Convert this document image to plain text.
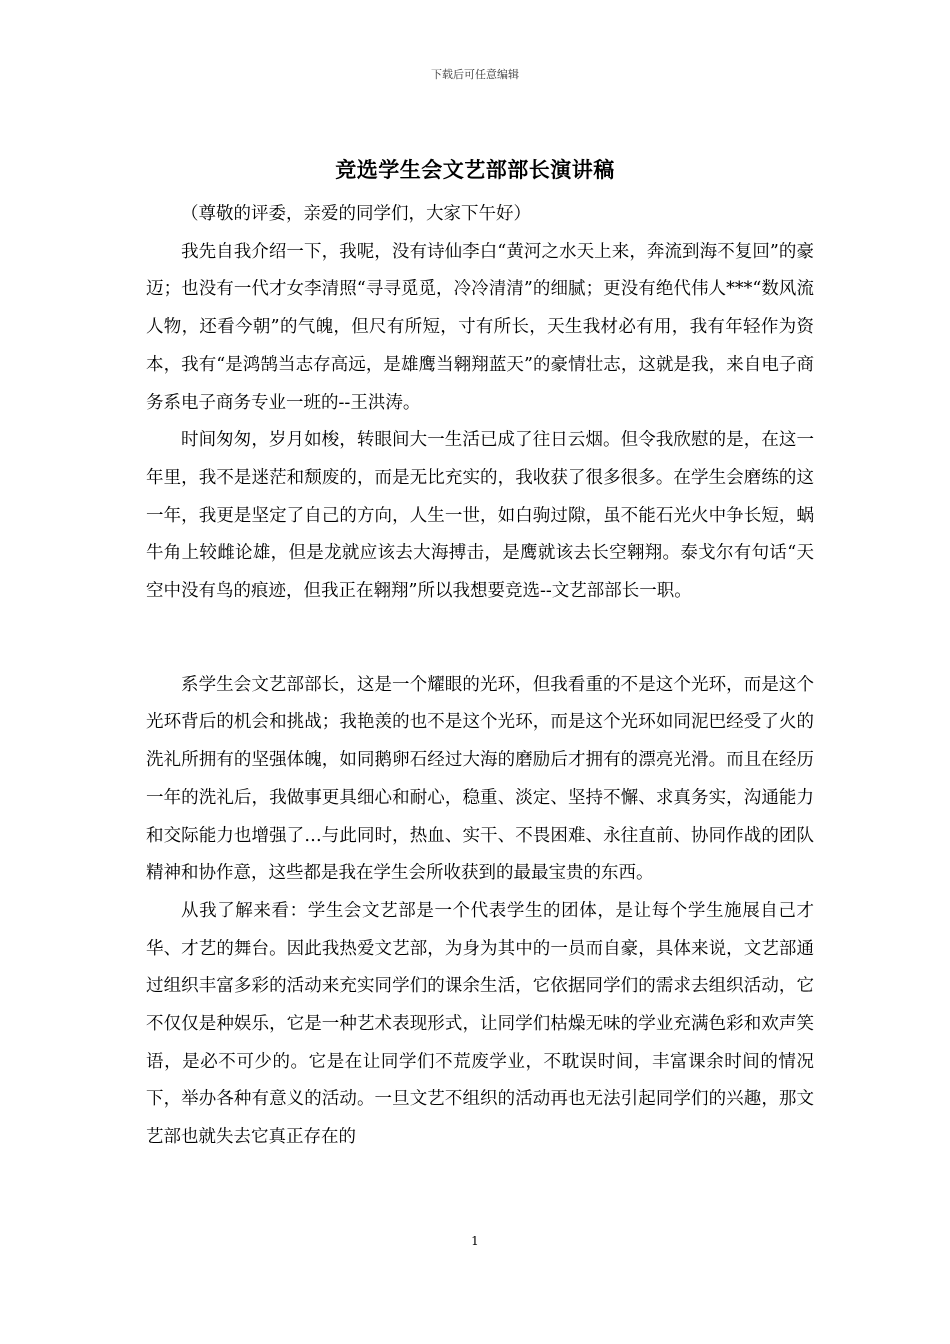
下载后可任意编辑
竞选学生会文艺部部长演讲稿

（尊敬的评委，亲爱的同学们，大家下午好）

我先自我介绍一下，我呢，没有诗仙李白“黄河之水天上来，奔流到海不复回”的豪迈；也没有一代才女李清照“寻寻觅觅，冷冷清清”的细腻；更没有绝代伟人***“数风流人物，还看今朝”的气魄，但尺有所短，寸有所长，天生我材必有用，我有年轻作为资本，我有“是鸿鹄当志存高远，是雄鹰当翱翔蓝天”的豪情壮志，这就是我，来自电子商务系电子商务专业一班的--王洪涛。

时间匆匆，岁月如梭，转眼间大一生活已成了往日云烟。但令我欣慰的是，在这一年里，我不是迷茫和颓废的，而是无比充实的，我收获了很多很多。在学生会磨练的这一年，我更是坚定了自己的方向，人生一世，如白驹过隙，虽不能石光火中争长短，蜗牛角上较雌论雄，但是龙就应该去大海搏击，是鹰就该去长空翱翔。泰戈尔有句话“天空中没有鸟的痕迹，但我正在翱翔”所以我想要竞选--文艺部部长一职。

系学生会文艺部部长，这是一个耀眼的光环，但我看重的不是这个光环，而是这个光环背后的机会和挑战；我艳羡的也不是这个光环，而是这个光环如同泥巴经受了火的洗礼所拥有的坚强体魄，如同鹅卵石经过大海的磨励后才拥有的漂亮光滑。而且在经历一年的洗礼后，我做事更具细心和耐心，稳重、淡定、坚持不懈、求真务实，沟通能力和交际能力也增强了…与此同时，热血、实干、不畏困难、永往直前、协同作战的团队精神和协作意，这些都是我在学生会所收获到的最最宝贵的东西。

从我了解来看：学生会文艺部是一个代表学生的团体，是让每个学生施展自己才华、才艺的舞台。因此我热爱文艺部，为身为其中的一员而自豪，具体来说，文艺部通过组织丰富多彩的活动来充实同学们的课余生活，它依据同学们的需求去组织活动，它不仅仅是种娱乐，它是一种艺术表现形式，让同学们枯燥无味的学业充满色彩和欢声笑语，是必不可少的。它是在让同学们不荒废学业，不耽误时间，丰富课余时间的情况下，举办各种有意义的活动。一旦文艺不组织的活动再也无法引起同学们的兴趣，那文艺部也就失去它真正存在的

1
